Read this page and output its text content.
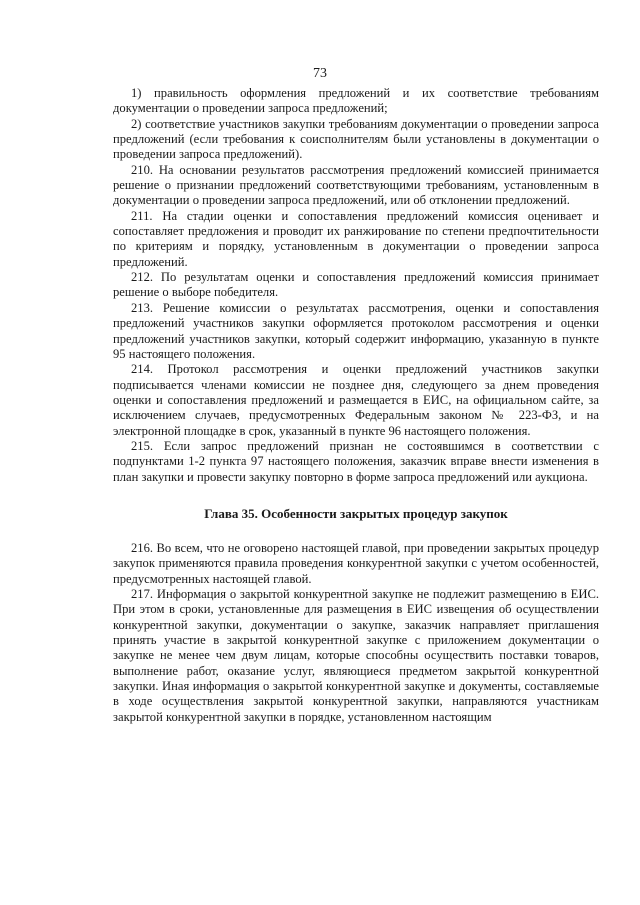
73

1) правильность оформления предложений и их соответствие требованиям документации о проведении запроса предложений;

2) соответствие участников закупки требованиям документации о проведении запроса предложений (если требования к соисполнителям были установлены в документации о проведении запроса предложений).

210. На основании результатов рассмотрения предложений комиссией принимается решение о признании предложений соответствующими требованиям, установленным в документации о проведении запроса предложений, или об отклонении предложений.

211. На стадии оценки и сопоставления предложений комиссия оценивает и сопоставляет предложения и проводит их ранжирование по степени предпочтительности по критериям и порядку, установленным в документации о проведении запроса предложений.

212. По результатам оценки и сопоставления предложений комиссия принимает решение о выборе победителя.

213. Решение комиссии о результатах рассмотрения, оценки и сопоставления предложений участников закупки оформляется протоколом рассмотрения и оценки предложений участников закупки, который содержит информацию, указанную в пункте 95 настоящего положения.

214. Протокол рассмотрения и оценки предложений участников закупки подписывается членами комиссии не позднее дня, следующего за днем проведения оценки и сопоставления предложений и размещается в ЕИС, на официальном сайте, за исключением случаев, предусмотренных Федеральным законом № 223-ФЗ, и на электронной площадке в срок, указанный в пункте 96 настоящего положения.

215. Если запрос предложений признан не состоявшимся в соответствии с подпунктами 1-2 пункта 97 настоящего положения, заказчик вправе внести изменения в план закупки и провести закупку повторно в форме запроса предложений или аукциона.

Глава 35. Особенности закрытых процедур закупок

216. Во всем, что не оговорено настоящей главой, при проведении закрытых процедур закупок применяются правила проведения конкурентной закупки с учетом особенностей, предусмотренных настоящей главой.

217. Информация о закрытой конкурентной закупке не подлежит размещению в ЕИС. При этом в сроки, установленные для размещения в ЕИС извещения об осуществлении конкурентной закупки, документации о закупке, заказчик направляет приглашения принять участие в закрытой конкурентной закупке с приложением документации о закупке не менее чем двум лицам, которые способны осуществить поставки товаров, выполнение работ, оказание услуг, являющиеся предметом закрытой конкурентной закупки. Иная информация о закрытой конкурентной закупке и документы, составляемые в ходе осуществления закрытой конкурентной закупки, направляются участникам закрытой конкурентной закупки в порядке, установленном настоящим
